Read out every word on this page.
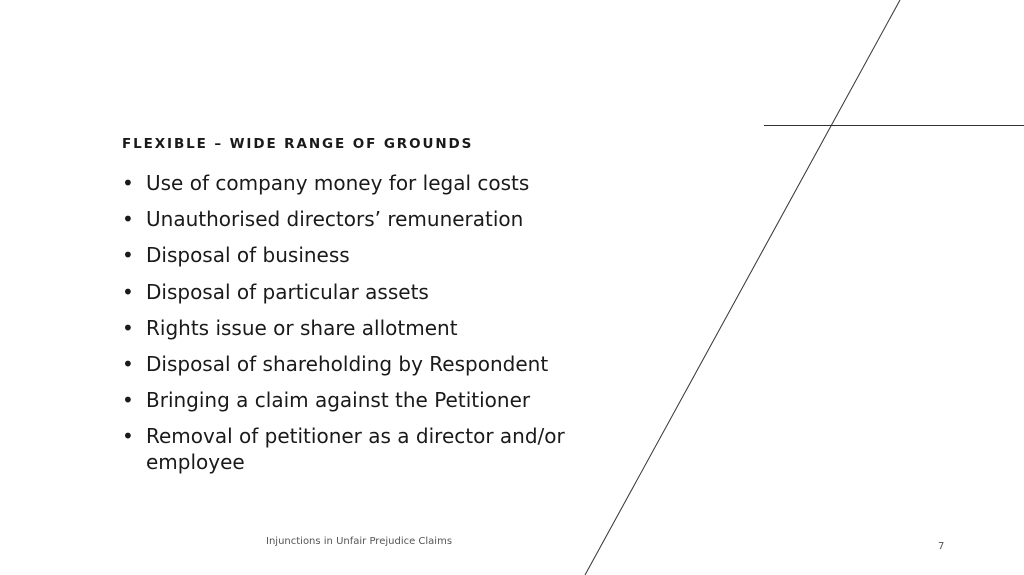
FLEXIBLE – WIDE RANGE OF GROUNDS
• Use of company money for legal costs
• Unauthorised directors’ remuneration
• Disposal of business
• Disposal of particular assets
• Rights issue or share allotment
• Disposal of shareholding by Respondent
• Bringing a claim against the Petitioner
• Removal of petitioner as a director and/or employee
Injunctions in Unfair Prejudice Claims	7
